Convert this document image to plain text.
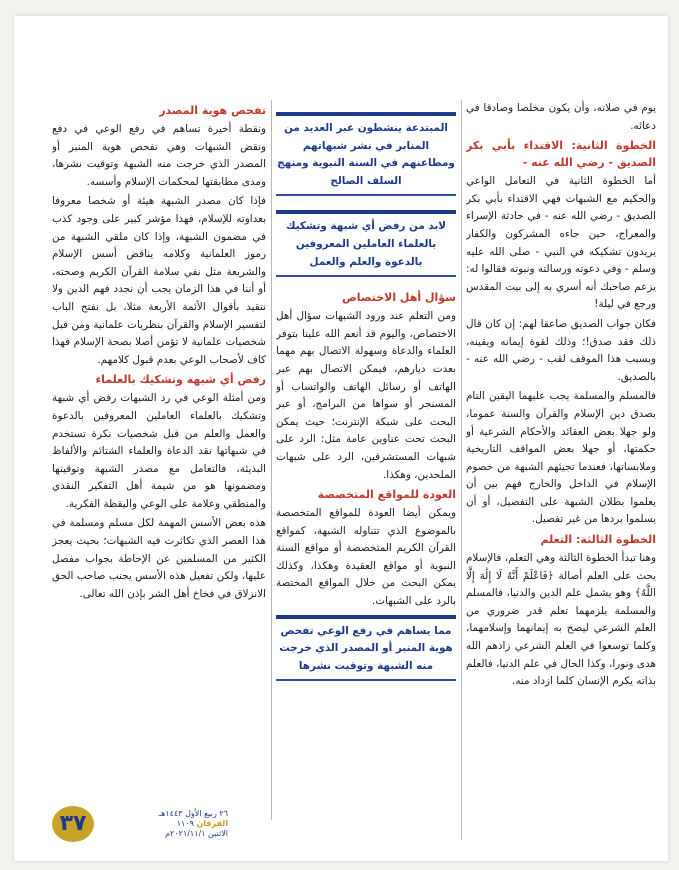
يوم في صلاته، وأن يكون مخلصا وصادقا في دعائه.

الخطوة الثانية: الاقتداء بأبي بكر الصديق - رضي الله عنه -

أما الخطوة الثانية في التعامل الواعي والحكيم مع الشبهات فهي الاقتداء بأبي بكر الصديق - رضي الله عنه - في حادثة الإسراء والمعراج، حين جاءه المشركون والكفار يريدون تشكيكه في النبي - صلى الله عليه وسلم - وفي دعوته ورسالته ونبوته فقالوا له: يزعم صاحبك أنه أسري به إلى بيت المقدس ورجع في ليلة!

فكان جواب الصديق صاعقا لهم: إن كان قال ذلك فقد صدق!؛ وذلك لقوة إيمانه ويقينه، وبسبب هذا الموقف لقب - رضي الله عنه - بالصديق.

فالمسلم والمسلمة يجب عليهما اليقين التام بصدق دين الإسلام والقرآن والسنة عموما، ولو جهلا بعض العقائد والأحكام الشرعية أو حكمتها، أو جهلا بعض المواقف التاريخية وملابساتها، فعندما تجيئهم الشبهة من خصوم الإسلام في الداخل والخارج فهم بين أن يعلموا بطلان الشبهة على التفصيل، أو أن يسلموا بردها من غير تفصيل.

الخطوة الثالثة: التعلم

وهنا تبدأ الخطوة الثالثة وهي التعلم، فالإسلام يحث على العلم أصالة ﴿فَاعْلَمْ أَنَّهُ لَا إِلَٰهَ إِلَّا اللَّهُ﴾ وهو يشمل علم الدين والدنيا، فالمسلم والمسلمة يلزمهما تعلم قدر ضروري من العلم الشرعي ليصح به إيمانهما وإسلامهما، وكلما توسعوا في العلم الشرعي زادهم الله هدى ونورا، وكذا الحال في علم الدنيا، فالعلم بذاته يكرم الإنسان كلما ازداد منه.

المبتدعة ينشطون عبر العديد من المنابر في نشر شبهاتهم ومطاعنهم في السنة النبوية ومنهج السلف الصالح

لابد من رفض أي شبهة وتشكيك بالعلماء العاملين المعروفين بالدعوة والعلم والعمل

سؤال أهل الاختصاص

ومن التعلم عند ورود الشبهات سؤال أهل الاختصاص، واليوم قد أنعم الله علينا بتوفر العلماء والدعاة وسهولة الاتصال بهم مهما بعدت ديارهم، فيمكن الاتصال بهم عبر الهاتف أو رسائل الهاتف والواتساب أو المسنجر أو سواها من البرامج، أو عبر البحث على شبكة الإنترنت؛ حيث يمكن البحث تحت عناوين عامة مثل: الرد على شبهات المستشرقين، الرد على شبهات الملحدين، وهكذا.

العودة للمواقع المتخصصة

ويمكن أيضا العودة للمواقع المتخصصة بالموضوع الذي تتناوله الشبهة، كمواقع القرآن الكريم المتخصصة أو مواقع السنة النبوية أو مواقع العقيدة وهكذا، وكذلك يمكن البحث من خلال المواقع المختصة بالرد على الشبهات.

مما يساهم في رفع الوعي تفحص هوية المنبر أو المصدر الذي خرجت منه الشبهة وتوقيت نشرها

تفحص هوية المصدر

ونقطة أخيرة تساهم في رفع الوعي في دفع ونقض الشبهات وهي تفحص هوية المنبر أو المصدر الذي خرجت منه الشبهة وتوقيت نشرها، ومدى مطابقتها لمحكمات الإسلام وأسسه.

فإذا كان مصدر الشبهة هيئة أو شخصا معروفا بعداوته للإسلام، فهذا مؤشر كبير على وجود كذب في مضمون الشبهة، وإذا كان ملقي الشبهة من رموز العلمانية وكلامه يناقض أسس الإسلام والشريعة مثل نفي سلامة القرآن الكريم وصحته، أو أننا في هذا الزمان يجب أن نجدد فهم الدين ولا نتقيد بأقوال الأئمة الأربعة مثلا، بل نفتح الباب لتفسير الإسلام والقرآن بنظريات علمانية ومن قبل شخصيات علمانية لا تؤمن أصلا بصحة الإسلام فهذا كاف لأصحاب الوعي بعدم قبول كلامهم.

رفض أي شبهة وتشكيك بالعلماء

ومن أمثلة الوعي في رد الشبهات رفض أي شبهة وتشكيك بالعلماء العاملين المعروفين بالدعوة والعمل والعلم من قبل شخصيات نكرة تستخدم في شبهاتها نقد الدعاة والعلماء الشتائم والألفاظ البذيئة، فالتعامل مع مصدر الشبهة وتوقيتها ومضمونها هو من شيمة أهل التفكير النقدي والمنطقي وعلامة على الوعي واليقظة الفكرية.

هذه بعض الأسس المهمة لكل مسلم ومسلمة في هذا العصر الذي تكاثرت فيه الشبهات؛ بحيث يعجز الكثير من المسلمين عن الإحاطة بجواب مفصل عليها، ولكن تفعيل هذه الأسس يجنب صاحب الحق الانزلاق في فخاخ أهل الشر بإذن الله تعالى.

٣٧	٢٦ ربيع الأول ١٤٤٣هـ
الفرقان ١١٠٩
الاثنين ٢٠٢١/١١/١م
